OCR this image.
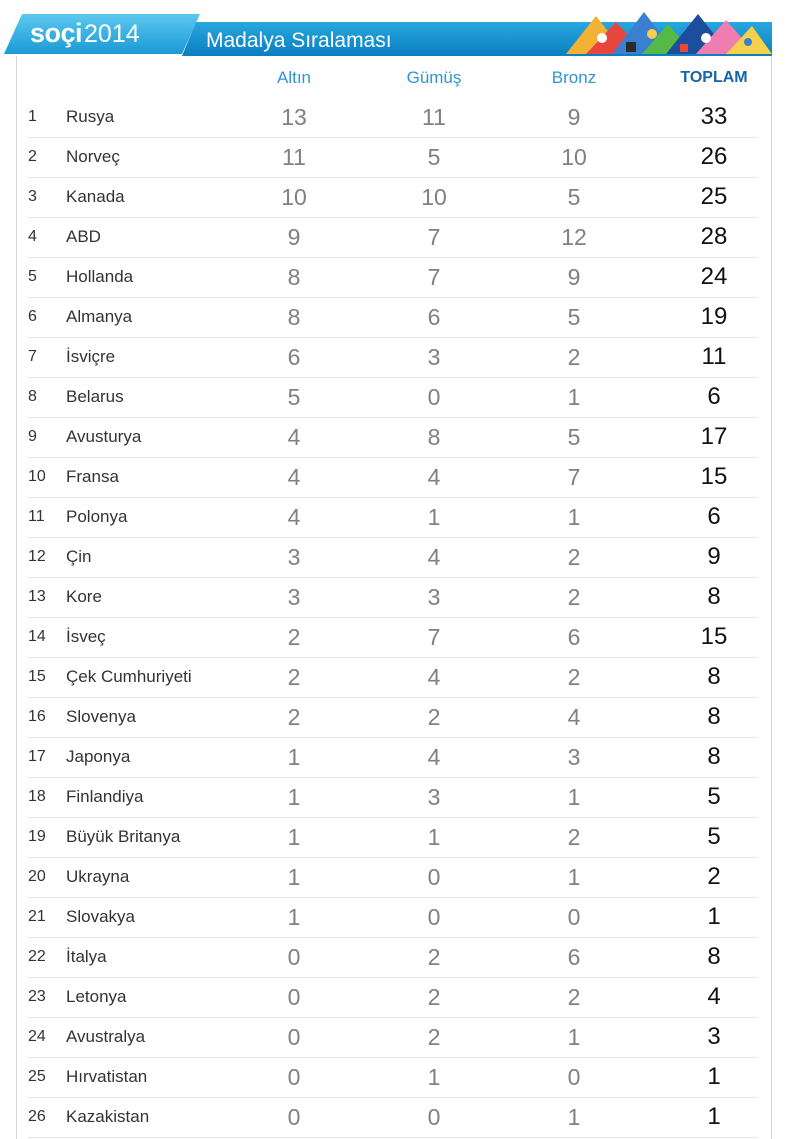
Madalya Sıralaması
soçi2014
Altın	Gümüş	Bronz	TOPLAM
1	Rusya	13	11	9	33
2	Norveç	11	5	10	26
3	Kanada	10	10	5	25
4	ABD	9	7	12	28
5	Hollanda	8	7	9	24
6	Almanya	8	6	5	19
7	İsviçre	6	3	2	11
8	Belarus	5	0	1	6
9	Avusturya	4	8	5	17
10	Fransa	4	4	7	15
11	Polonya	4	1	1	6
12	Çin	3	4	2	9
13	Kore	3	3	2	8
14	İsveç	2	7	6	15
15	Çek Cumhuriyeti	2	4	2	8
16	Slovenya	2	2	4	8
17	Japonya	1	4	3	8
18	Finlandiya	1	3	1	5
19	Büyük Britanya	1	1	2	5
20	Ukrayna	1	0	1	2
21	Slovakya	1	0	0	1
22	İtalya	0	2	6	8
23	Letonya	0	2	2	4
24	Avustralya	0	2	1	3
25	Hırvatistan	0	1	0	1
26	Kazakistan	0	0	1	1
